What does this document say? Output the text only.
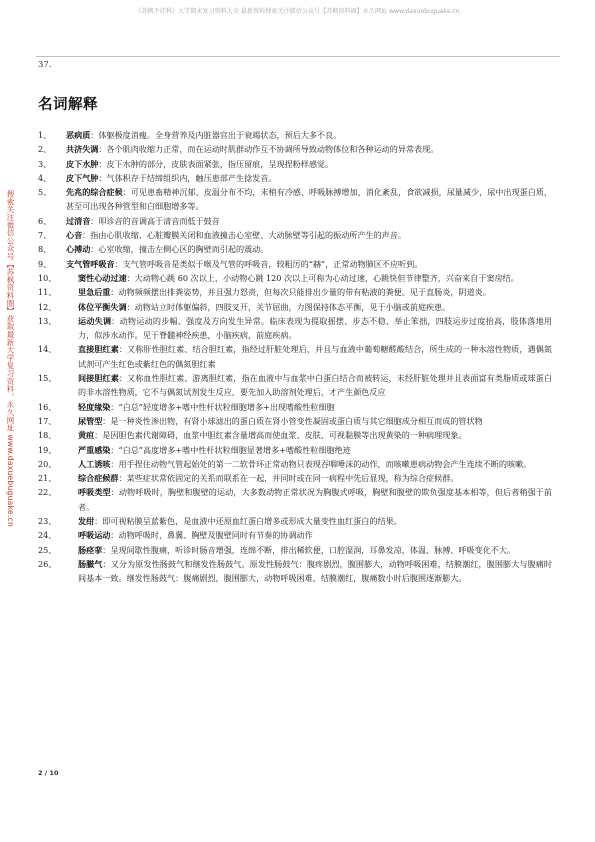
《苏枫不挂科》大学期末复习资料大全 最新资料搜索关注微信公众号【苏枫资料圈】永久网址 www.daxuebuguake.cn
37.
搜索关注微信公众号【苏枫资料圈】获取最新大学复习资料，永久网址 www.daxuebuguake.cn
名词解释
1、 恶病质：体躯极度消瘦。全身营养及内脏器官出于衰竭状态，预后大多不良。
2、 共济失调：各个肌肉收缩力正常，而在运动时肌群动作互不协调所导致动物体位和各种运动的异常表现。
3、 皮下水肿：皮下水肿的部分，皮肤表面紧张，指压留痕，呈现捏粉样感觉。
4、 皮下气肿：气体积存于结缔组织内，触压患部产生捻发音。
5、 先兆的综合症候：可见患畜精神沉郁、皮温分布不均，末梢有冷感、呼吸脉搏增加，消化紊乱，食欲减损，尿量减少，尿中出现蛋白质，甚至可出现各种管型和白细胞增多等。
6、 过清音：叩诊音的音调高于清音而低于鼓音
7、 心音：指由心肌收缩、心脏瓣膜关闭和血液撞击心室壁、大动脉壁等引起的振动所产生的声音。
8、 心搏动：心室收缩，撞击左侧心区的胸壁而引起的震动。
9、 支气管呼吸音：支气管呼吸音是类似于喉及气管的呼吸音，较粗厉的“赫”，正常动物肺区不应听到。
10、	窦性心动过速：大动物心跳 60 次以上，小动物心跳 120 次以上可称为心动过速，心跳快但节律整齐，兴奋来自于窦房结。
11、	里急后重：动物频频摆出排粪姿势，并且强力怒责，但每次只能排出少量的带有粘液的粪便。见于直肠炎，阴道炎。
12、	体位平衡失调：动物站立时体躯偏斜，四肢叉开，关节屈曲，力图保持体态平衡，见于小脑或前庭疾患。
13、	运动失调：动物运动的步幅、强度及方向发生异常。临床表现为提取摇摆、步态不稳、举止笨拙，四肢运步过度抬高，肢体落地用力，似涉水动作。见于脊髓神经疾患，小脑疾病，前庭疾病。
14、	直接胆红素：又称肝性胆红素、结合胆红素，指经过肝脏处理后，并且与血液中葡萄糖醛酸结合，所生成的一种水溶性物质，遇偶氮试剂可产生红色或紫红色的偶氮胆红素
15、	间接胆红素：又称血性胆红素、游离胆红素，指在血液中与血浆中白蛋白结合而被转运，未经肝脏处理并且表面富有类脂质或球蛋白的非水溶性物质，它不与偶氮试剂发生反应，要先加入助溶剂处理后，才产生颜色反应
16、	轻度缘染：“白总”轻度增多+嗜中性杆状粒细胞增多+出现嗜酸性粒细胞
17、	尿管型：是一种炎性渗出物，有肾小球滤出的蛋白质在肾小管变性凝固或蛋白质与其它细胞成分相互而成的管状物
18、	黄疸：是因胆色素代谢障碍，血浆中胆红素含量增高而使血浆、皮肤、可视黏膜等出现黄染的一种病理现象。
19、	严重感染：“白总”高度增多+嗜中性杆状粒细胞显著增多+嗜酸性粒细胞绝迹
20、	人工诱咳：用手捏住动物气管起始处的第一二软骨环正常动物只表现吞咽唾沫的动作，而咳嗽患病动物会产生连续不断的咳嗽。
21、	综合症候群：某些症状常依固定的关系而联系在一起，并同时或在同一病程中先后显现，称为综合症候群。
22、	呼吸类型：动物呼吸时，胸壁和腹壁的运动，大多数动物正常状况为胸腹式呼吸，胸壁和腹壁的欺负强度基本相等，但后者稍强于前者。
23、	发绀：即可视粘膜呈蓝紫色，是血液中还原血红蛋白增多或形成大量变性血红蛋白的结果。
24、	呼吸运动：动物呼吸时，鼻翼、胸壁及腹壁同时有节奏的协调动作
25、	肠痉挛：呈现间歇性腹痛，听诊时肠音增强，连绵不断，排出稀软便，口腔湿润，耳鼻发凉，体温、脉搏、呼吸变化不大。
26、	肠臌气：又分为原发性肠鼓气和继发性肠鼓气。原发性肠鼓气：腹疼剧烈，腹围膨大，动物呼吸困难，结膜潮红，腹围膨大与腹痛时间基本一致。继发性肠鼓气：腹痛剧烈，腹围膨大，动物呼吸困难，结膜潮红，腹痛数小时后腹围逐渐膨大。
2 / 10
